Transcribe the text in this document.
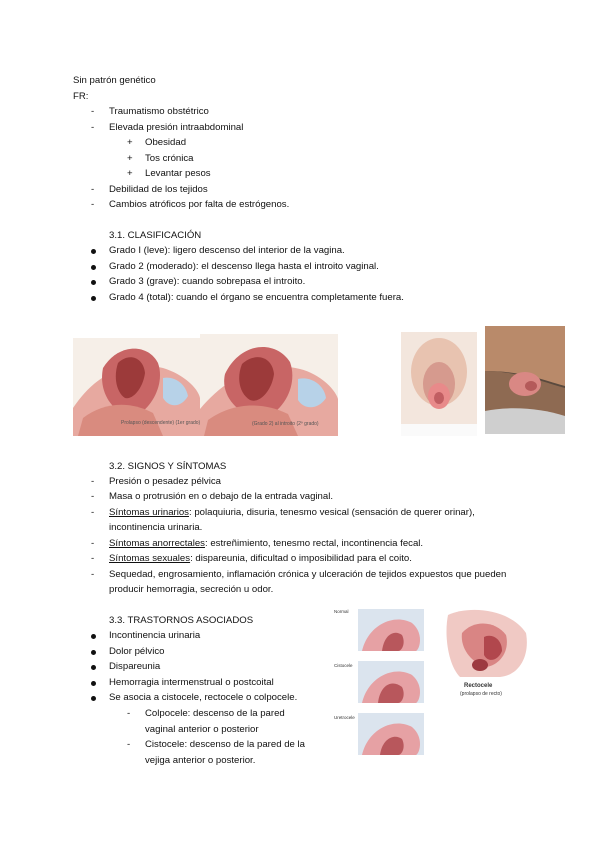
Sin patrón genético
FR:
- Traumatismo obstétrico
- Elevada presión intraabdominal
+ Obesidad
+ Tos crónica
+ Levantar pesos
- Debilidad de los tejidos
- Cambios atróficos por falta de estrógenos.
3.1. CLASIFICACIÓN
Grado I (leve): ligero descenso del interior de la vagina.
Grado 2 (moderado): el descenso llega hasta el introito vaginal.
Grado 3 (grave): cuando sobrepasa el introito.
Grado 4 (total): cuando el órgano se encuentra completamente fuera.
Prolapso (descendente) (1er grado)	(Grado 2) al introito (2º grado)
3.2. SIGNOS Y SÍNTOMAS
- Presión o pesadez pélvica
- Masa o protrusión en o debajo de la entrada vaginal.
- Síntomas urinarios: polaquiuria, disuria, tenesmo vesical (sensación de querer orinar),
incontinencia urinaria.
- Síntomas anorrectales: estreñimiento, tenesmo rectal, incontinencia fecal.
- Síntomas sexuales: dispareunia, dificultad o imposibilidad para el coito.
- Sequedad, engrosamiento, inflamación crónica y ulceración de tejidos expuestos que pueden
producir hemorragia, secreción u odor.
3.3. TRASTORNOS ASOCIADOS
Incontinencia urinaria
Dolor pélvico
Dispareunia
Hemorragia intermenstrual o postcoital
Se asocia a cistocele, rectocele o colpocele.
- Colpocele: descenso de la pared
vaginal anterior o posterior
- Cistocele: descenso de la pared de la
vejiga anterior o posterior.
Normal
Cistocele
Uretrocele
Rectocele
(prolapso de recto)
